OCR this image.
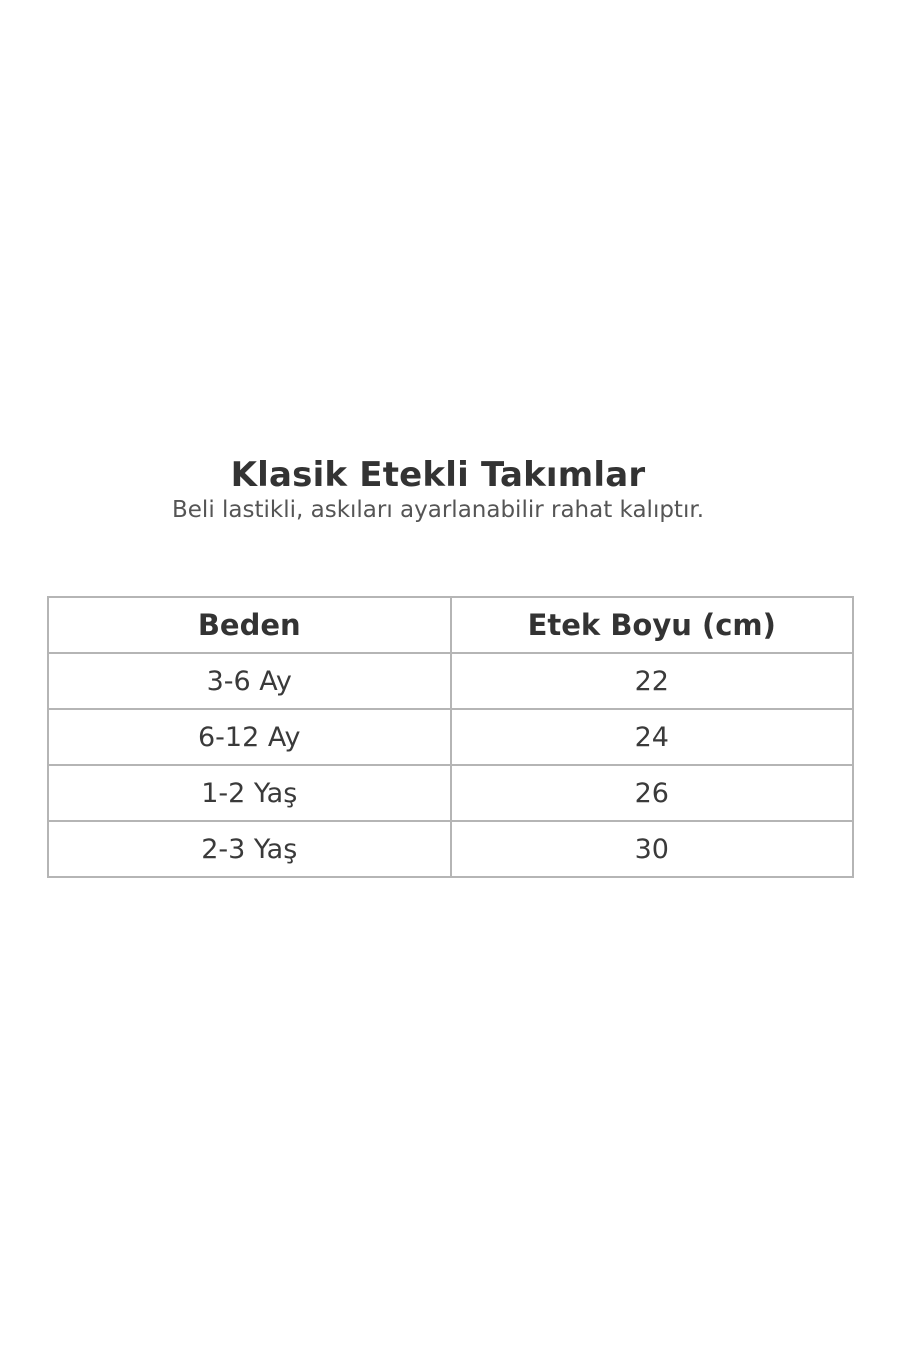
Klasik Etekli Takımlar
Beli lastikli, askıları ayarlanabilir rahat kalıptır.
Beden	Etek Boyu (cm)
3-6 Ay	22
6-12 Ay	24
1-2 Yaş	26
2-3 Yaş	30
